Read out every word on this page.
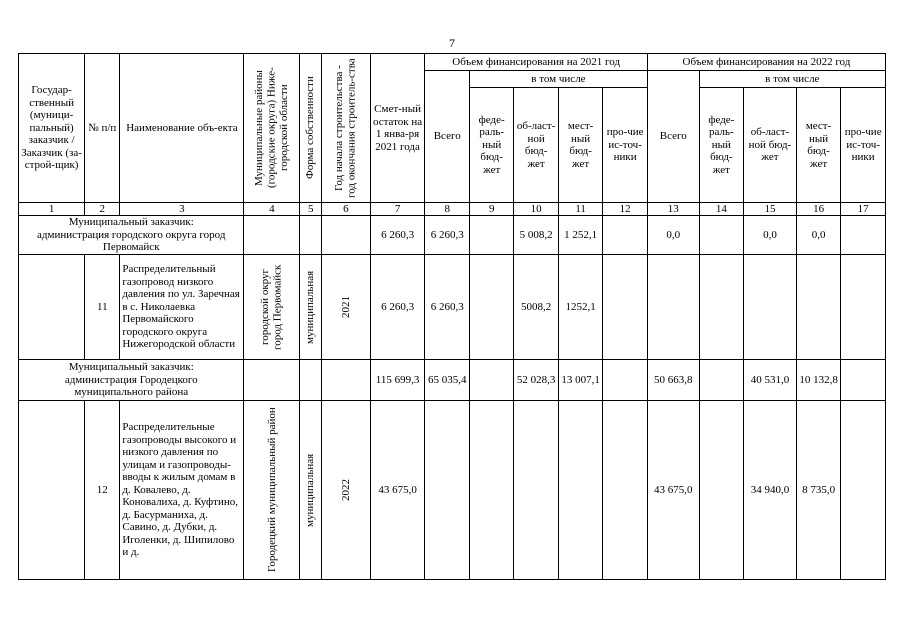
7
Государ-ственный (муници-пальный) заказчик / Заказчик (за-строй-щик)	№ п/п	Наименование объ-екта	Муниципальные районы (городские округа) Ниже-городской области	Форма собственности	Год начала строительства - год окончания строитель-ства	Смет-ный остаток на 1 янва-ря 2021 года	Объем финансирования на 2021 год					Объем финансирования на 2022 год				
							Всего	в том числе				Всего	в том числе			
								феде-раль-ный бюд-жет	об-ласт-ной бюд-жет	мест-ный бюд-жет	про-чие ис-точ-ники		феде-раль-ный бюд-жет	об-ласт-ной бюд-жет	мест-ный бюд-жет	про-чие ис-точ-ники
1	2	3	4	5	6	7	8	9	10	11	12	13	14	15	16	17
Муниципальный заказчик: администрация городского округа город Первомайск						6 260,3	6 260,3		5 008,2	1 252,1		0,0		0,0	0,0	
	11	Распределительный газопровод низкого давления по ул. Заречная в с. Николаевка Первомайского городского округа Нижегородской области	городской округ город Первомайск	муниципальная	2021	6 260,3	6 260,3		5008,2	1252,1						
Муниципальный заказчик: администрация Городецкого муниципального района						115 699,3	65 035,4		52 028,3	13 007,1		50 663,8		40 531,0	10 132,8	
	12	Распределительные газопроводы высокого и низкого давления по улицам и газопроводы-вводы к жилым домам в д. Ковалево, д. Коновалиха, д. Куфтино, д. Басурманиха, д. Савино, д. Дубки, д. Иголенки, д. Шипилово и д.	Городецкий муниципальный район	муниципальная	2022	43 675,0						43 675,0		34 940,0	8 735,0	
